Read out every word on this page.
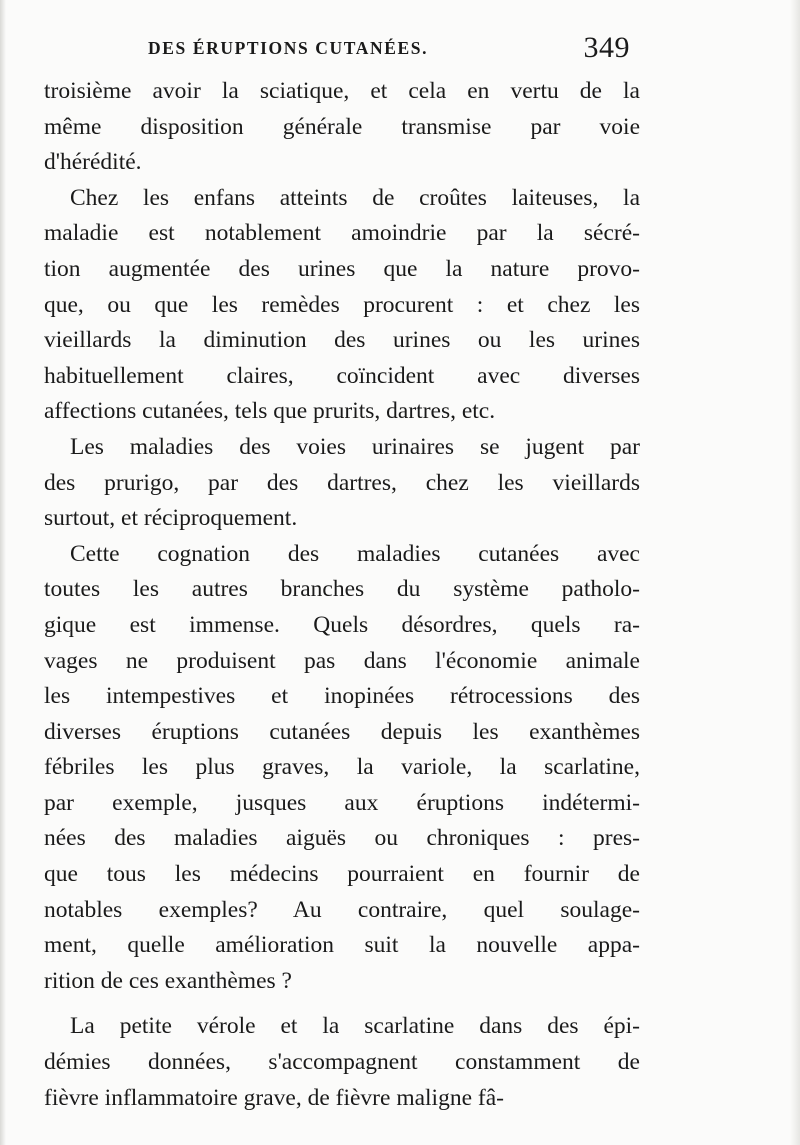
DES ÉRUPTIONS CUTANÉES.	349
troisième avoir la sciatique, et cela en vertu de la
même disposition générale transmise par voie
d'hérédité.
Chez les enfans atteints de croûtes laiteuses, la
maladie est notablement amoindrie par la sécré-
tion augmentée des urines que la nature provo-
que, ou que les remèdes procurent : et chez les
vieillards la diminution des urines ou les urines
habituellement claires, coïncident avec diverses
affections cutanées, tels que prurits, dartres, etc.
Les maladies des voies urinaires se jugent par
des prurigo, par des dartres, chez les vieillards
surtout, et réciproquement.
Cette cognation des maladies cutanées avec
toutes les autres branches du système patholo-
gique est immense. Quels désordres, quels ra-
vages ne produisent pas dans l'économie animale
les intempestives et inopinées rétrocessions des
diverses éruptions cutanées depuis les exanthèmes
fébriles les plus graves, la variole, la scarlatine,
par exemple, jusques aux éruptions indétermi-
nées des maladies aiguës ou chroniques : pres-
que tous les médecins pourraient en fournir de
notables exemples? Au contraire, quel soulage-
ment, quelle amélioration suit la nouvelle appa-
rition de ces exanthèmes ?
La petite vérole et la scarlatine dans des épi-
démies données, s'accompagnent constamment de
fièvre inflammatoire grave, de fièvre maligne fâ-
